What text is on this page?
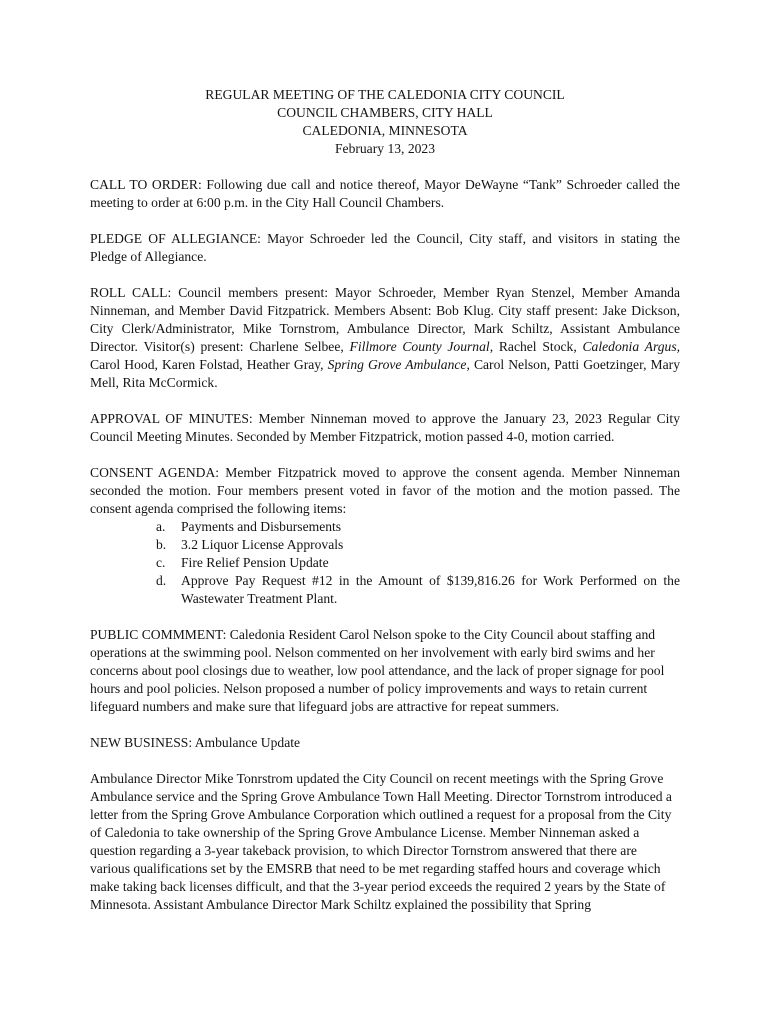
REGULAR MEETING OF THE CALEDONIA CITY COUNCIL
COUNCIL CHAMBERS, CITY HALL
CALEDONIA, MINNESOTA
February 13, 2023
CALL TO ORDER: Following due call and notice thereof, Mayor DeWayne “Tank” Schroeder called the meeting to order at 6:00 p.m. in the City Hall Council Chambers.
PLEDGE OF ALLEGIANCE: Mayor Schroeder led the Council, City staff, and visitors in stating the Pledge of Allegiance.
ROLL CALL: Council members present: Mayor Schroeder, Member Ryan Stenzel, Member Amanda Ninneman, and Member David Fitzpatrick. Members Absent: Bob Klug. City staff present: Jake Dickson, City Clerk/Administrator, Mike Tornstrom, Ambulance Director, Mark Schiltz, Assistant Ambulance Director. Visitor(s) present: Charlene Selbee, Fillmore County Journal, Rachel Stock, Caledonia Argus, Carol Hood, Karen Folstad, Heather Gray, Spring Grove Ambulance, Carol Nelson, Patti Goetzinger, Mary Mell, Rita McCormick.
APPROVAL OF MINUTES: Member Ninneman moved to approve the January 23, 2023 Regular City Council Meeting Minutes. Seconded by Member Fitzpatrick, motion passed 4-0, motion carried.
CONSENT AGENDA: Member Fitzpatrick moved to approve the consent agenda. Member Ninneman seconded the motion. Four members present voted in favor of the motion and the motion passed. The consent agenda comprised the following items:
a.	Payments and Disbursements
b.	3.2 Liquor License Approvals
c.	Fire Relief Pension Update
d.	Approve Pay Request #12 in the Amount of $139,816.26 for Work Performed on the Wastewater Treatment Plant.
PUBLIC COMMMENT: Caledonia Resident Carol Nelson spoke to the City Council about staffing and operations at the swimming pool. Nelson commented on her involvement with early bird swims and her concerns about pool closings due to weather, low pool attendance, and the lack of proper signage for pool hours and pool policies. Nelson proposed a number of policy improvements and ways to retain current lifeguard numbers and make sure that lifeguard jobs are attractive for repeat summers.
NEW BUSINESS: Ambulance Update
Ambulance Director Mike Tonrstrom updated the City Council on recent meetings with the Spring Grove Ambulance service and the Spring Grove Ambulance Town Hall Meeting. Director Tornstrom introduced a letter from the Spring Grove Ambulance Corporation which outlined a request for a proposal from the City of Caledonia to take ownership of the Spring Grove Ambulance License. Member Ninneman asked a question regarding a 3-year takeback provision, to which Director Tornstrom answered that there are various qualifications set by the EMSRB that need to be met regarding staffed hours and coverage which make taking back licenses difficult, and that the 3-year period exceeds the required 2 years by the State of Minnesota. Assistant Ambulance Director Mark Schiltz explained the possibility that Spring
